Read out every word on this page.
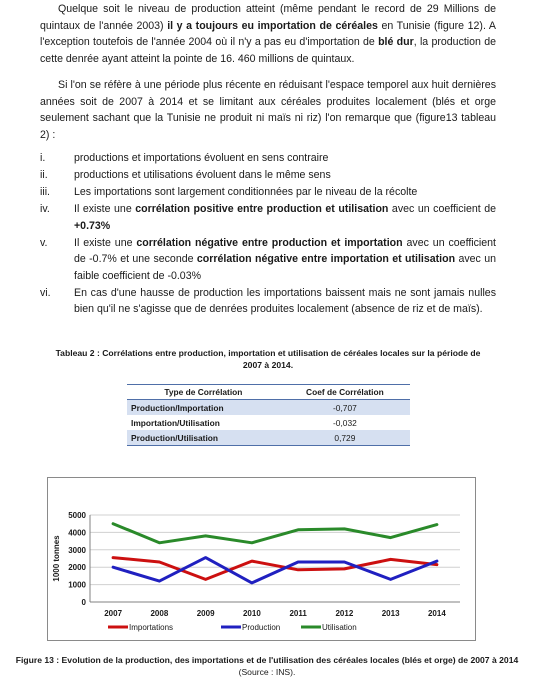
Quelque soit le niveau de production atteint (même pendant le record de 29 Millions de quintaux de l'année 2003) il y a toujours eu importation de céréales en Tunisie (figure 12). A l'exception toutefois de l'année 2004 où il n'y a pas eu d'importation de blé dur, la production de cette denrée ayant atteint la pointe de 16. 460 millions de quintaux.

Si l'on se réfère à une période plus récente en réduisant l'espace temporel aux huit dernières années soit de 2007 à 2014 et se limitant aux céréales produites localement (blés et orge seulement sachant que la Tunisie ne produit ni maïs ni riz) l'on remarque que (figure13 tableau 2) :

i.	productions et importations évoluent en sens contraire
ii.	productions et utilisations évoluent dans le même sens
iii.	Les importations sont largement conditionnées par le niveau de la récolte
iv.	Il existe une corrélation positive entre production et utilisation avec un coefficient de +0.73%
v.	Il existe une corrélation négative entre production et importation avec un coefficient de -0.7% et une seconde corrélation négative entre importation et utilisation avec un faible coefficient de -0.03%
vi.	En cas d'une hausse de production les importations baissent mais ne sont jamais nulles bien qu'il ne s'agisse que de denrées produites localement (absence de riz et de maïs).

Tableau 2 : Corrélations entre production, importation et utilisation de céréales locales sur la période de 2007 à 2014.

Type de Corrélation	Coef de Corrélation
Production/Importation	-0,707
Importation/Utilisation	-0,032
Production/Utilisation	0,729
0
1000
2000
3000
4000
5000
2007	2008	2009	2010	2011	2012	2013	2014
1000 tonnes
Importations	Production	Utilisation

Figure 13 : Evolution de la production, des importations et de l'utilisation des céréales locales (blés et orge) de 2007 à 2014 (Source : INS).
